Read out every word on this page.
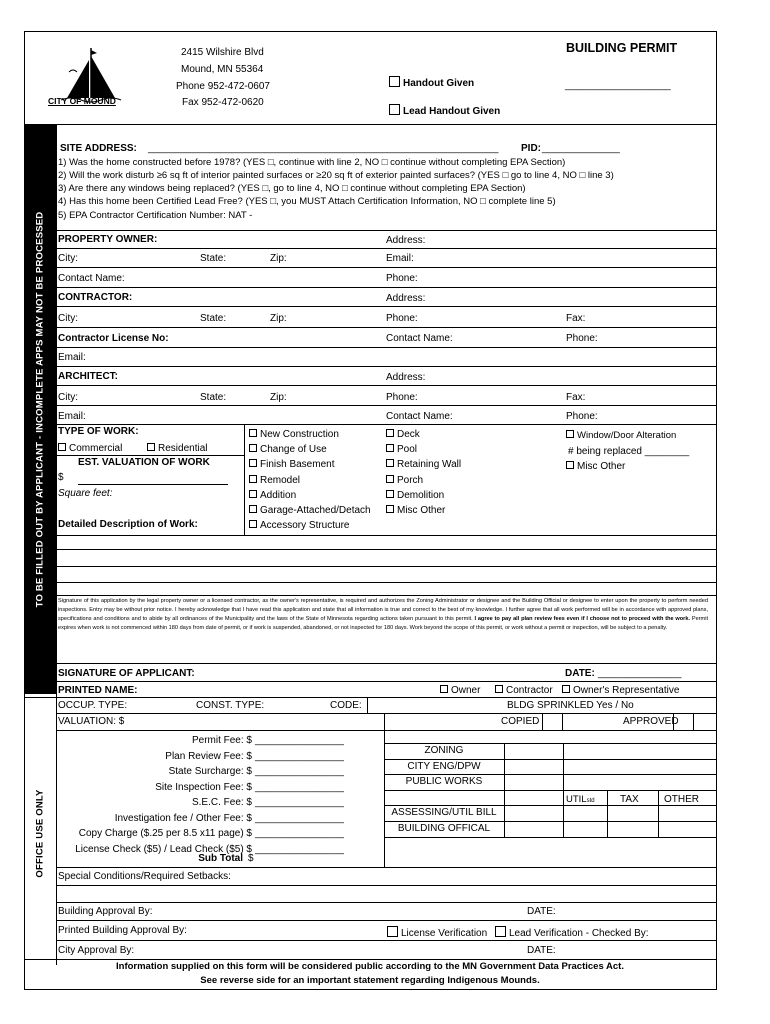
CITY OF MOUND
2415 Wilshire Blvd
Mound, MN 55364
Phone 952-472-0607
Fax 952-472-0620
Handout Given
Lead Handout Given
BUILDING PERMIT
___________________
TO BE FILLED OUT BY APPLICANT - INCOMPLETE APPS MAY NOT BE PROCESSED
OFFICE USE ONLY
SITE ADDRESS: _______________________________________________________________ PID: ______________
1) Was the home constructed before 1978? (YES □, continue with line 2, NO □ continue without completing EPA Section)
2) Will the work disturb ≥6 sq ft of interior painted surfaces or ≥20 sq ft of exterior painted surfaces? (YES □ go to line 4, NO □ line 3)
3) Are there any windows being replaced? (YES □, go to line 4, NO □ continue without completing EPA Section)
4) Has this home been Certified Lead Free? (YES □, you MUST Attach Certification Information, NO □ complete line 5)
5) EPA Contractor Certification Number: NAT -
PROPERTY OWNER:	Address:
City:	State:	Zip:	Email:
Contact Name:	Phone:
CONTRACTOR:	Address:
City:	State:	Zip:	Phone:	Fax:
Contractor License No:	Contact Name:	Phone:
Email:
ARCHITECT:	Address:
City:	State:	Zip:	Phone:	Fax:
Email:	Contact Name:	Phone:
TYPE OF WORK:
Commercial	Residential
EST. VALUATION OF WORK
$
Square feet:
Detailed Description of Work:
New Construction
Change of Use
Finish Basement
Remodel
Addition
Garage-Attached/Detach
Accessory Structure
Deck
Pool
Retaining Wall
Porch
Demolition
Misc Other
Window/Door Alteration
# being replaced ________
Misc Other
Signature of this application by the legal property owner or a licensed contractor, as the owner's representative, is required and authorizes the Zoning Administrator or designee and the Building Official or designee to enter upon the property to perform needed inspections. Entry may be without prior notice. I hereby acknowledge that I have read this application and state that all information is true and correct to the best of my knowledge. I further agree that all work performed will be in accordance with approved plans, specifications and conditions and to abide by all ordinances of the Municipality and the laws of the State of Minnesota regarding actions taken pursuant to this permit. I agree to pay all plan review fees even if I choose not to proceed with the work. Permit expires when work is not commenced within 180 days from date of permit, or if work is suspended, abandoned, or not inspected for 180 days. Work beyond the scope of this permit, or work without a permit or inspection, will be subject to a penalty.
SIGNATURE OF APPLICANT:	DATE: _______________
PRINTED NAME:	Owner	Contractor	Owner's Representative
OCCUP. TYPE:	CONST. TYPE:	CODE:	BLDG SPRINKLED Yes / No
VALUATION: $	COPIED	APPROVED
Permit Fee: $ ________________
Plan Review Fee: $ ________________
State Surcharge: $ ________________
Site Inspection Fee: $ ________________
S.E.C. Fee: $ ________________
Investigation fee / Other Fee: $ ________________
Copy Charge ($.25 per 8.5 x11 page) $ ________________
License Check ($5) / Lead Check ($5) $ ________________
Sub Total $
ZONING
CITY ENG/DPW
PUBLIC WORKS
ASSESSING/UTIL BILL
BUILDING OFFICAL
UTILstd	TAX	OTHER
Special Conditions/Required Setbacks:
Building Approval By:	DATE:
Printed Building Approval By:	License Verification	Lead Verification - Checked By:
City Approval By:	DATE:
Information supplied on this form will be considered public according to the MN Government Data Practices Act.
See reverse side for an important statement regarding Indigenous Mounds.
